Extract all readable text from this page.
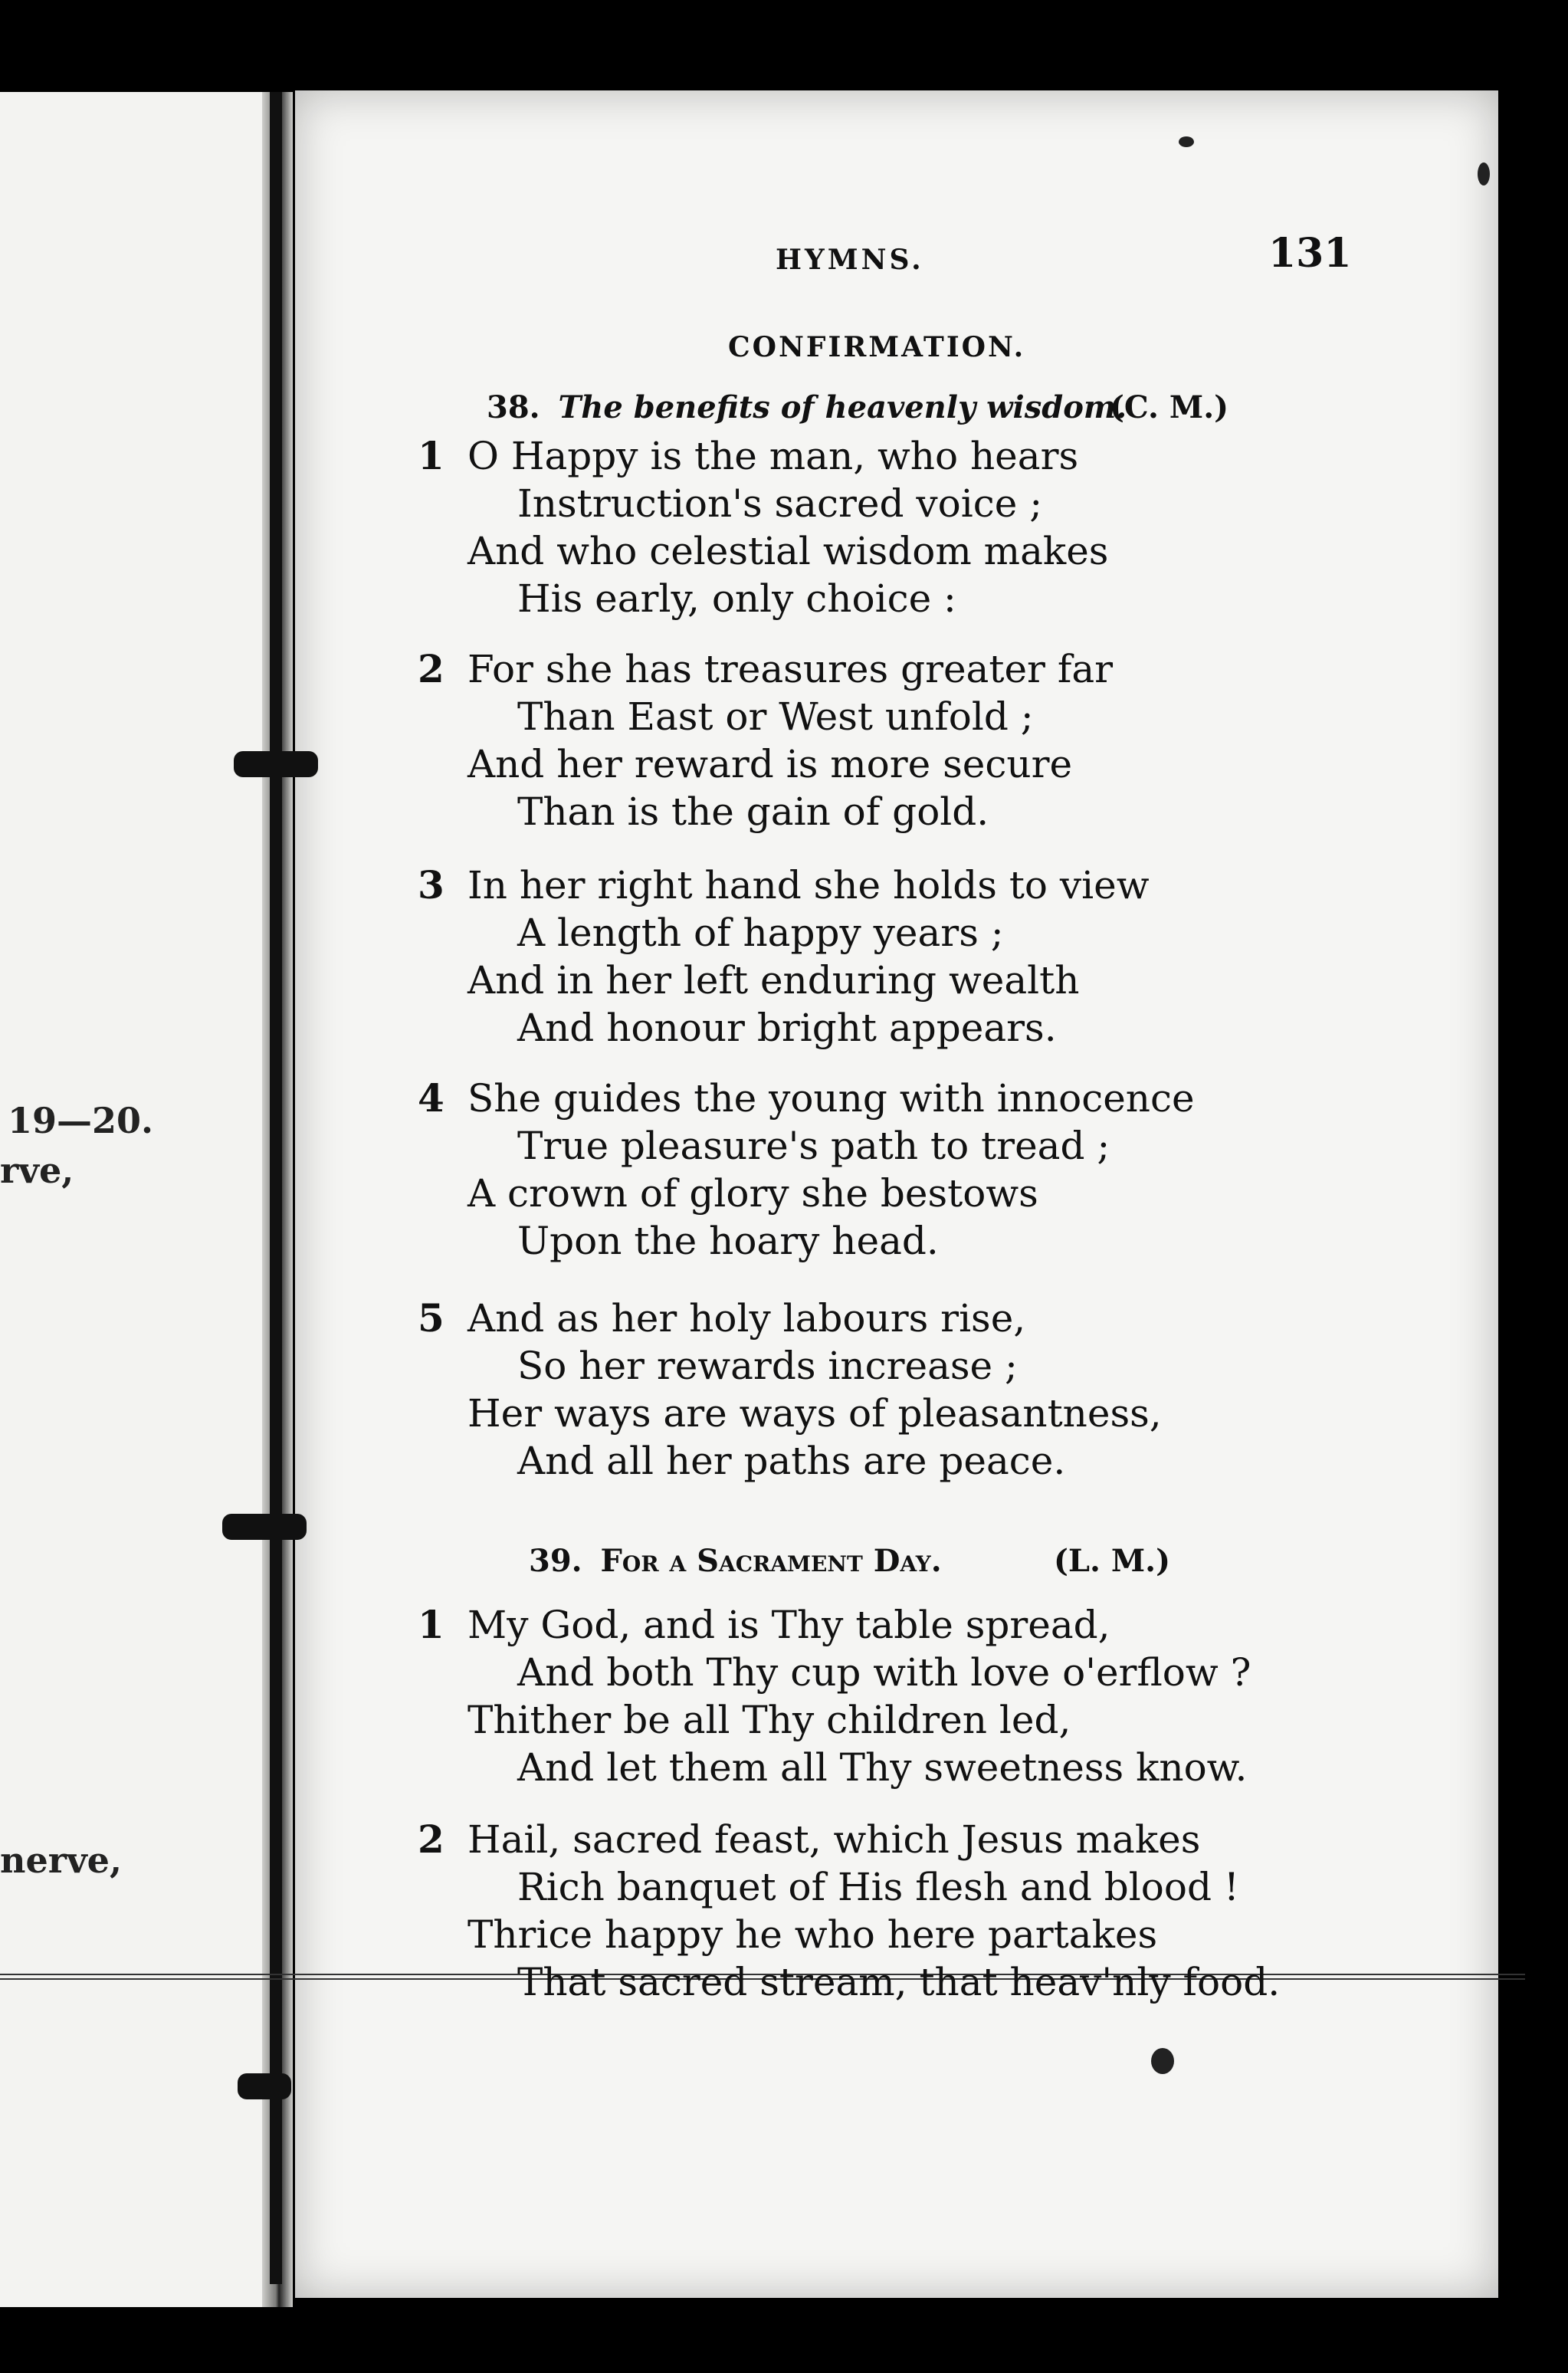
19—20.
rve,
nerve,
HYMNS.	131
CONFIRMATION.
38. The benefits of heavenly wisdom.
(C. M.)
1 O Happy is the man, who hears
Instruction's sacred voice ;
And who celestial wisdom makes
His early, only choice :
2 For she has treasures greater far
Than East or West unfold ;
And her reward is more secure
Than is the gain of gold.
3 In her right hand she holds to view
A length of happy years ;
And in her left enduring wealth
And honour bright appears.
4 She guides the young with innocence
True pleasure's path to tread ;
A crown of glory she bestows
Upon the hoary head.
5 And as her holy labours rise,
So her rewards increase ;
Her ways are ways of pleasantness,
And all her paths are peace.
39. For a Sacrament Day.	(L. M.)
1 My God, and is Thy table spread,
And both Thy cup with love o'erflow ?
Thither be all Thy children led,
And let them all Thy sweetness know.
2 Hail, sacred feast, which Jesus makes
Rich banquet of His flesh and blood !
Thrice happy he who here partakes
That sacred stream, that heav'nly food.
